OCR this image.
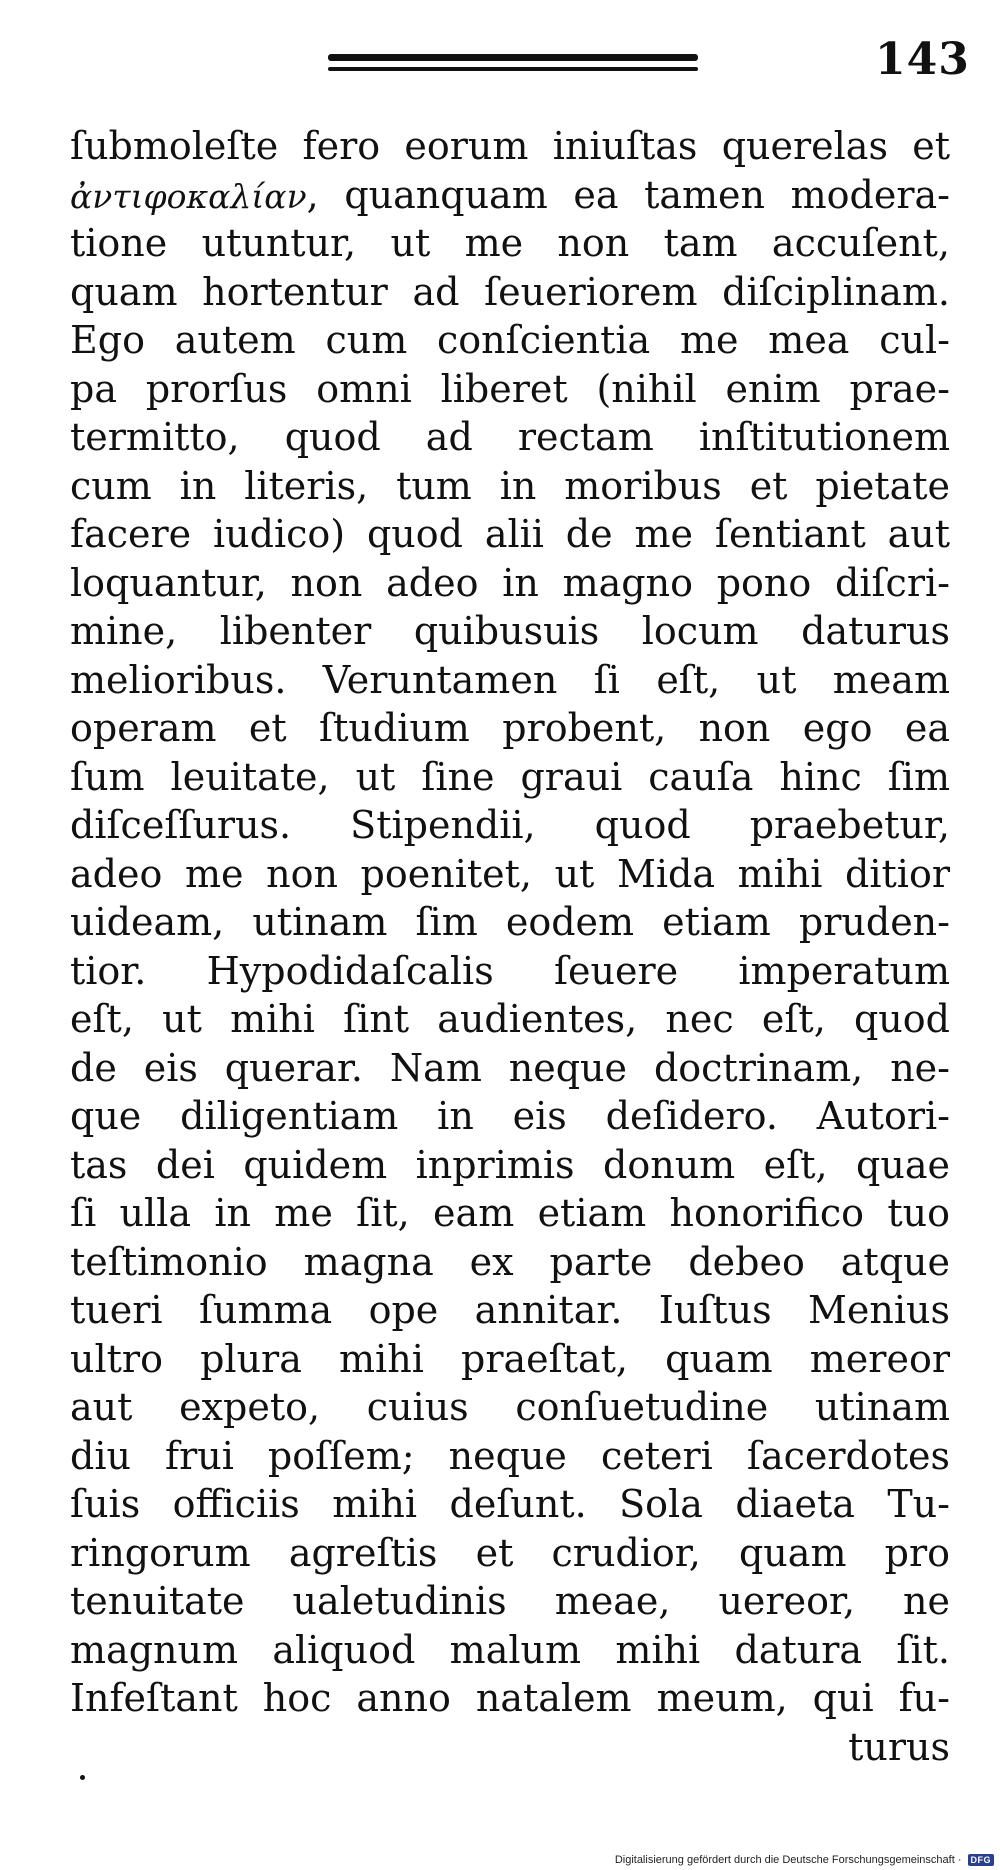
143
ſubmoleſte fero eorum iniuſtas querelas et
ἀντιφοκαλίαν, quanquam ea tamen modera-
tione utuntur, ut me non tam accuſent,
quam hortentur ad ſeueriorem diſciplinam.
Ego autem cum conſcientia me mea cul-
pa prorſus omni liberet (nihil enim prae-
termitto, quod ad rectam inſtitutionem
cum in literis, tum in moribus et pietate
facere iudico) quod alii de me ſentiant aut
loquantur, non adeo in magno pono diſcri-
mine, libenter quibusuis locum daturus
melioribus. Veruntamen ſi eſt, ut meam
operam et ſtudium probent, non ego ea
ſum leuitate, ut ſine graui cauſa hinc ſim
diſceſſurus. Stipendii, quod praebetur,
adeo me non poenitet, ut Mida mihi ditior
uideam, utinam ſim eodem etiam pruden-
tior. Hypodidaſcalis ſeuere imperatum
eſt, ut mihi ſint audientes, nec eſt, quod
de eis querar. Nam neque doctrinam, ne-
que diligentiam in eis deſidero. Autori-
tas dei quidem inprimis donum eſt, quae
ſi ulla in me ſit, eam etiam honorifico tuo
teſtimonio magna ex parte debeo atque
tueri ſumma ope annitar. Iuſtus Menius
ultro plura mihi praeſtat, quam mereor
aut expeto, cuius conſuetudine utinam
diu frui poſſem; neque ceteri ſacerdotes
ſuis officiis mihi deſunt. Sola diaeta Tu-
ringorum agreſtis et crudior, quam pro
tenuitate ualetudinis meae, uereor, ne
magnum aliquod malum mihi datura ſit.
Infeſtant hoc anno natalem meum, qui fu-
turus
Digitalisierung gefördert durch die Deutsche Forschungsgemeinschaft ·	DFG
